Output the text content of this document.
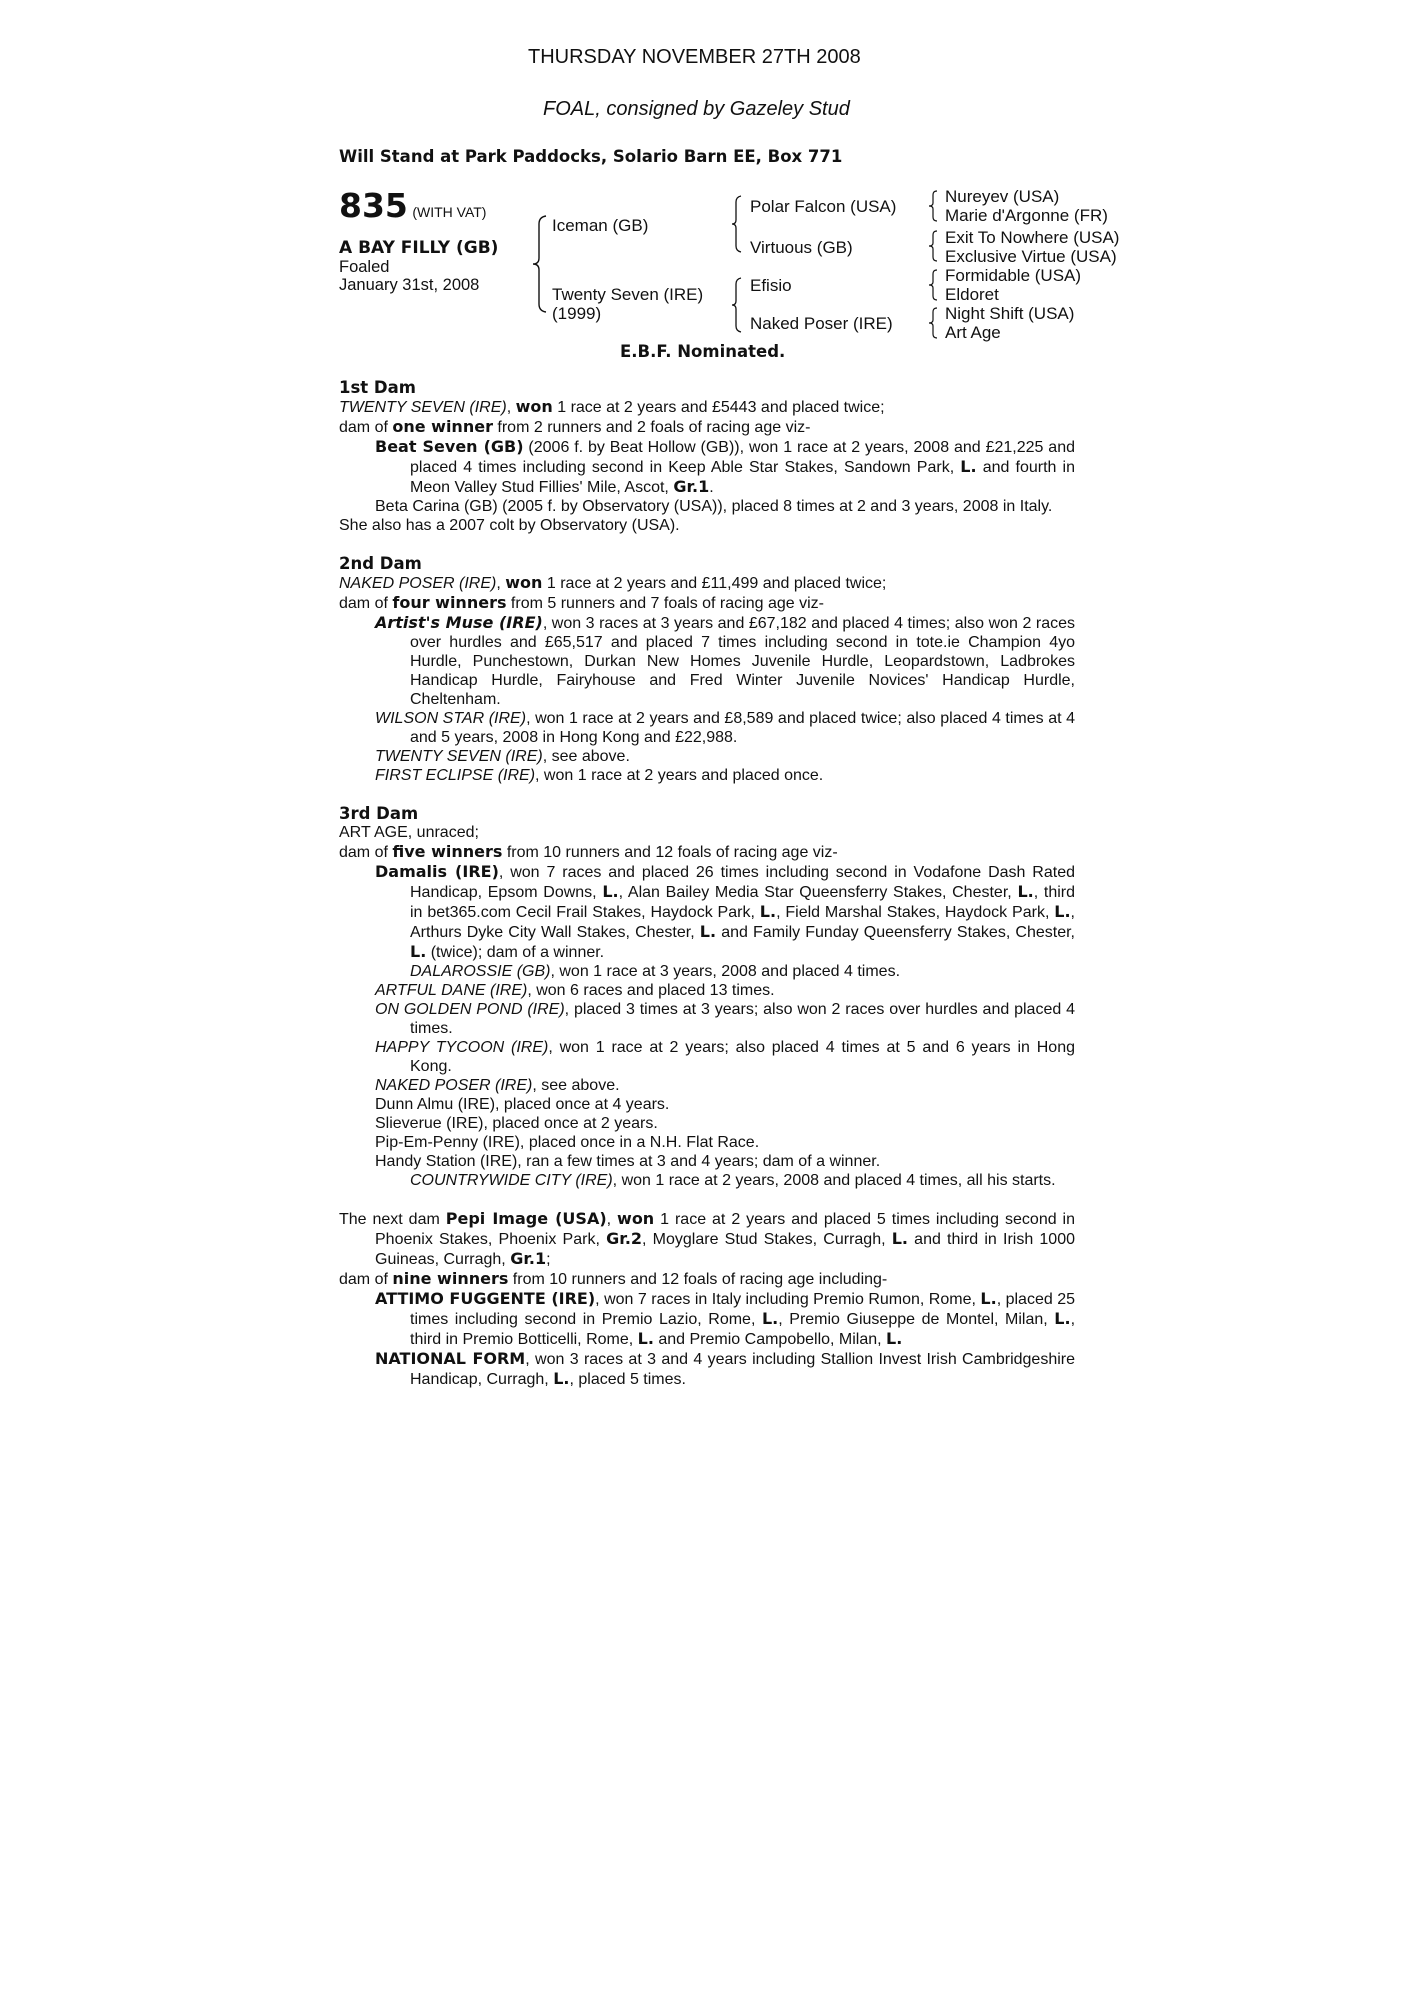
THURSDAY NOVEMBER 27TH 2008
FOAL, consigned by Gazeley Stud
Will Stand at Park Paddocks, Solario Barn EE, Box 771
835 (WITH VAT)
A BAY FILLY (GB)
Foaled
January 31st, 2008
Iceman (GB)
Twenty Seven (IRE)
(1999)
Polar Falcon (USA)
Virtuous (GB)
Efisio
Naked Poser (IRE)
Nureyev (USA)
Marie d'Argonne (FR)
Exit To Nowhere (USA)
Exclusive Virtue (USA)
Formidable (USA)
Eldoret
Night Shift (USA)
Art Age
E.B.F. Nominated.
1st Dam
TWENTY SEVEN (IRE), won 1 race at 2 years and £5443 and placed twice;
dam of one winner from 2 runners and 2 foals of racing age viz-
Beat Seven (GB) (2006 f. by Beat Hollow (GB)), won 1 race at 2 years, 2008 and £21,225 and placed 4 times including second in Keep Able Star Stakes, Sandown Park, L. and fourth in Meon Valley Stud Fillies' Mile, Ascot, Gr.1.
Beta Carina (GB) (2005 f. by Observatory (USA)), placed 8 times at 2 and 3 years, 2008 in Italy.
She also has a 2007 colt by Observatory (USA).
2nd Dam
NAKED POSER (IRE), won 1 race at 2 years and £11,499 and placed twice;
dam of four winners from 5 runners and 7 foals of racing age viz-
Artist's Muse (IRE), won 3 races at 3 years and £67,182 and placed 4 times; also won 2 races over hurdles and £65,517 and placed 7 times including second in tote.ie Champion 4yo Hurdle, Punchestown, Durkan New Homes Juvenile Hurdle, Leopardstown, Ladbrokes Handicap Hurdle, Fairyhouse and Fred Winter Juvenile Novices' Handicap Hurdle, Cheltenham.
WILSON STAR (IRE), won 1 race at 2 years and £8,589 and placed twice; also placed 4 times at 4 and 5 years, 2008 in Hong Kong and £22,988.
TWENTY SEVEN (IRE), see above.
FIRST ECLIPSE (IRE), won 1 race at 2 years and placed once.
3rd Dam
ART AGE, unraced;
dam of five winners from 10 runners and 12 foals of racing age viz-
Damalis (IRE), won 7 races and placed 26 times including second in Vodafone Dash Rated Handicap, Epsom Downs, L., Alan Bailey Media Star Queensferry Stakes, Chester, L., third in bet365.com Cecil Frail Stakes, Haydock Park, L., Field Marshal Stakes, Haydock Park, L., Arthurs Dyke City Wall Stakes, Chester, L. and Family Funday Queensferry Stakes, Chester, L. (twice); dam of a winner.
DALAROSSIE (GB), won 1 race at 3 years, 2008 and placed 4 times.
ARTFUL DANE (IRE), won 6 races and placed 13 times.
ON GOLDEN POND (IRE), placed 3 times at 3 years; also won 2 races over hurdles and placed 4 times.
HAPPY TYCOON (IRE), won 1 race at 2 years; also placed 4 times at 5 and 6 years in Hong Kong.
NAKED POSER (IRE), see above.
Dunn Almu (IRE), placed once at 4 years.
Slieverue (IRE), placed once at 2 years.
Pip-Em-Penny (IRE), placed once in a N.H. Flat Race.
Handy Station (IRE), ran a few times at 3 and 4 years; dam of a winner.
COUNTRYWIDE CITY (IRE), won 1 race at 2 years, 2008 and placed 4 times, all his starts.
The next dam Pepi Image (USA), won 1 race at 2 years and placed 5 times including second in Phoenix Stakes, Phoenix Park, Gr.2, Moyglare Stud Stakes, Curragh, L. and third in Irish 1000 Guineas, Curragh, Gr.1;
dam of nine winners from 10 runners and 12 foals of racing age including-
ATTIMO FUGGENTE (IRE), won 7 races in Italy including Premio Rumon, Rome, L., placed 25 times including second in Premio Lazio, Rome, L., Premio Giuseppe de Montel, Milan, L., third in Premio Botticelli, Rome, L. and Premio Campobello, Milan, L.
NATIONAL FORM, won 3 races at 3 and 4 years including Stallion Invest Irish Cambridgeshire Handicap, Curragh, L., placed 5 times.
